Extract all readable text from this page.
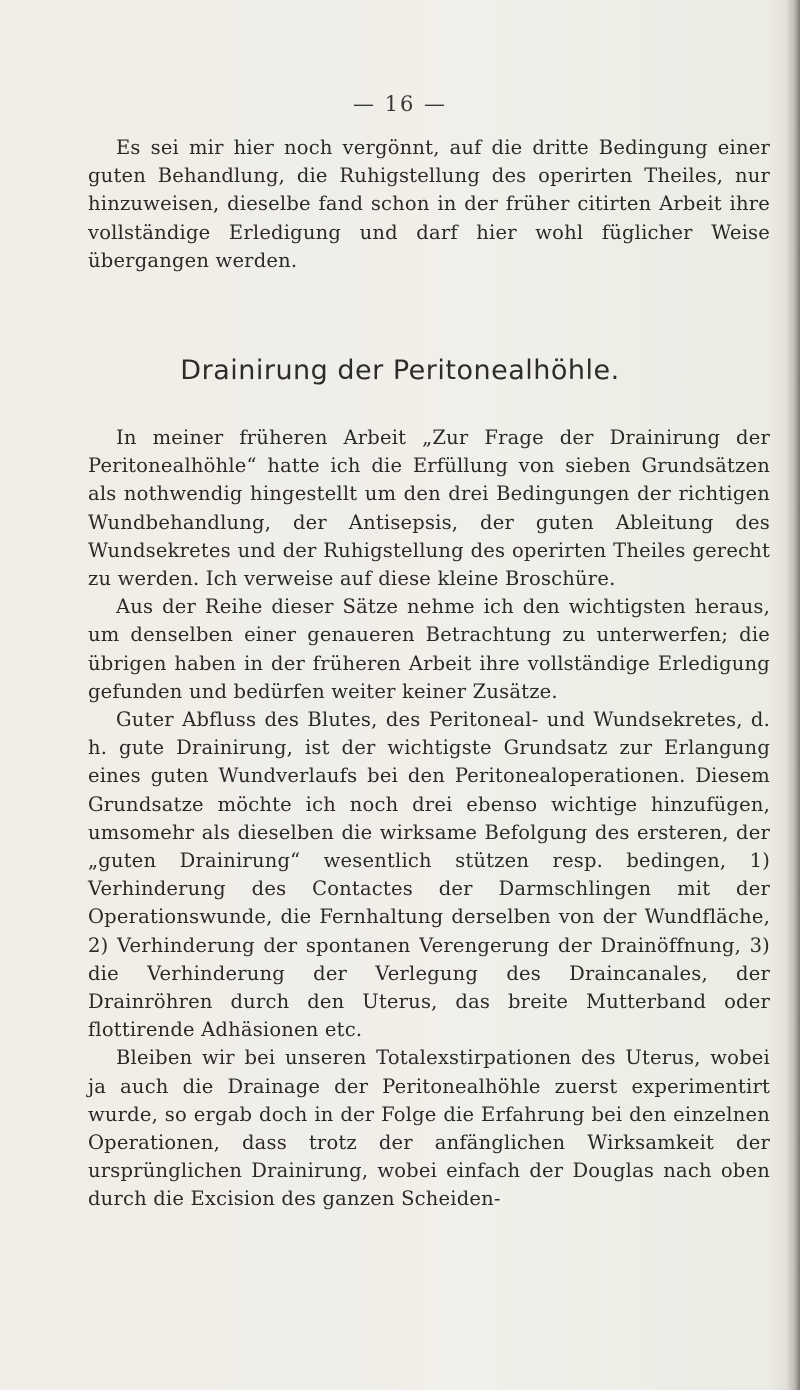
— 16 —

Es sei mir hier noch vergönnt, auf die dritte Bedingung einer guten Behandlung, die Ruhigstellung des operirten Theiles, nur hinzuweisen, dieselbe fand schon in der früher citirten Arbeit ihre vollständige Erledigung und darf hier wohl füglicher Weise übergangen werden.

Drainirung der Peritonealhöhle.

In meiner früheren Arbeit „Zur Frage der Drainirung der Peritonealhöhle“ hatte ich die Erfüllung von sieben Grundsätzen als nothwendig hingestellt um den drei Bedingungen der richtigen Wundbehandlung, der Antisepsis, der guten Ableitung des Wundsekretes und der Ruhigstellung des operirten Theiles gerecht zu werden. Ich verweise auf diese kleine Broschüre.

Aus der Reihe dieser Sätze nehme ich den wichtigsten heraus, um denselben einer genaueren Betrachtung zu unterwerfen; die übrigen haben in der früheren Arbeit ihre vollständige Erledigung gefunden und bedürfen weiter keiner Zusätze.

Guter Abfluss des Blutes, des Peritoneal- und Wundsekretes, d. h. gute Drainirung, ist der wichtigste Grundsatz zur Erlangung eines guten Wundverlaufs bei den Peritonealoperationen. Diesem Grundsatze möchte ich noch drei ebenso wichtige hinzufügen, umsomehr als dieselben die wirksame Befolgung des ersteren, der „guten Drainirung“ wesentlich stützen resp. bedingen, 1) Verhinderung des Contactes der Darmschlingen mit der Operationswunde, die Fernhaltung derselben von der Wundfläche, 2) Verhinderung der spontanen Verengerung der Drainöffnung, 3) die Verhinderung der Verlegung des Draincanales, der Drainröhren durch den Uterus, das breite Mutterband oder flottirende Adhäsionen etc.

Bleiben wir bei unseren Totalexstirpationen des Uterus, wobei ja auch die Drainage der Peritonealhöhle zuerst experimentirt wurde, so ergab doch in der Folge die Erfahrung bei den einzelnen Operationen, dass trotz der anfänglichen Wirksamkeit der ursprünglichen Drainirung, wobei einfach der Douglas nach oben durch die Excision des ganzen Scheiden-
